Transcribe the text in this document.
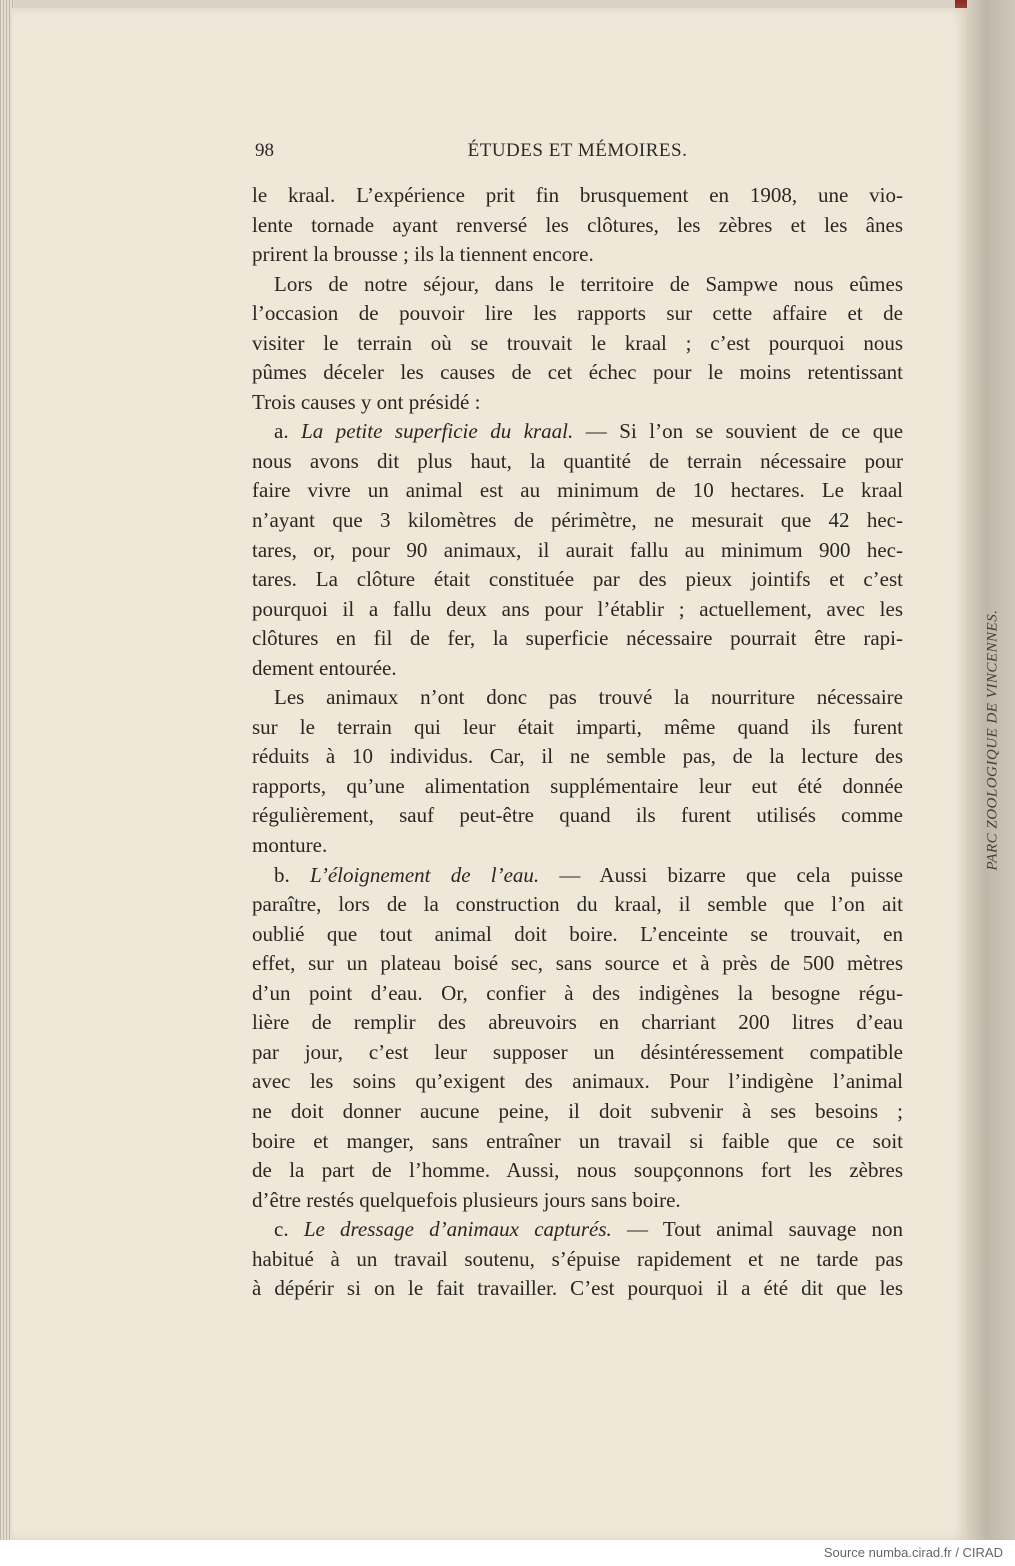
98	ÉTUDES ET MÉMOIRES.
le kraal. L’expérience prit fin brusquement en 1908, une vio-
lente tornade ayant renversé les clôtures, les zèbres et les ânes
prirent la brousse ; ils la tiennent encore.
Lors de notre séjour, dans le territoire de Sampwe nous eûmes
l’occasion de pouvoir lire les rapports sur cette affaire et de
visiter le terrain où se trouvait le kraal ; c’est pourquoi nous
pûmes déceler les causes de cet échec pour le moins retentissant
Trois causes y ont présidé :
a. La petite superficie du kraal. — Si l’on se souvient de ce que
nous avons dit plus haut, la quantité de terrain nécessaire pour
faire vivre un animal est au minimum de 10 hectares. Le kraal
n’ayant que 3 kilomètres de périmètre, ne mesurait que 42 hec-
tares, or, pour 90 animaux, il aurait fallu au minimum 900 hec-
tares. La clôture était constituée par des pieux jointifs et c’est
pourquoi il a fallu deux ans pour l’établir ; actuellement, avec les
clôtures en fil de fer, la superficie nécessaire pourrait être rapi-
dement entourée.
Les animaux n’ont donc pas trouvé la nourriture nécessaire
sur le terrain qui leur était imparti, même quand ils furent
réduits à 10 individus. Car, il ne semble pas, de la lecture des
rapports, qu’une alimentation supplémentaire leur eut été donnée
régulièrement, sauf peut-être quand ils furent utilisés comme
monture.
b. L’éloignement de l’eau. — Aussi bizarre que cela puisse
paraître, lors de la construction du kraal, il semble que l’on ait
oublié que tout animal doit boire. L’enceinte se trouvait, en
effet, sur un plateau boisé sec, sans source et à près de 500 mètres
d’un point d’eau. Or, confier à des indigènes la besogne régu-
lière de remplir des abreuvoirs en charriant 200 litres d’eau
par jour, c’est leur supposer un désintéressement compatible
avec les soins qu’exigent des animaux. Pour l’indigène l’animal
ne doit donner aucune peine, il doit subvenir à ses besoins ;
boire et manger, sans entraîner un travail si faible que ce soit
de la part de l’homme. Aussi, nous soupçonnons fort les zèbres
d’être restés quelquefois plusieurs jours sans boire.
c. Le dressage d’animaux capturés. — Tout animal sauvage non
habitué à un travail soutenu, s’épuise rapidement et ne tarde pas
à dépérir si on le fait travailler. C’est pourquoi il a été dit que les
PARC ZOOLOGIQUE DE VINCENNES.
Source numba.cirad.fr / CIRAD
